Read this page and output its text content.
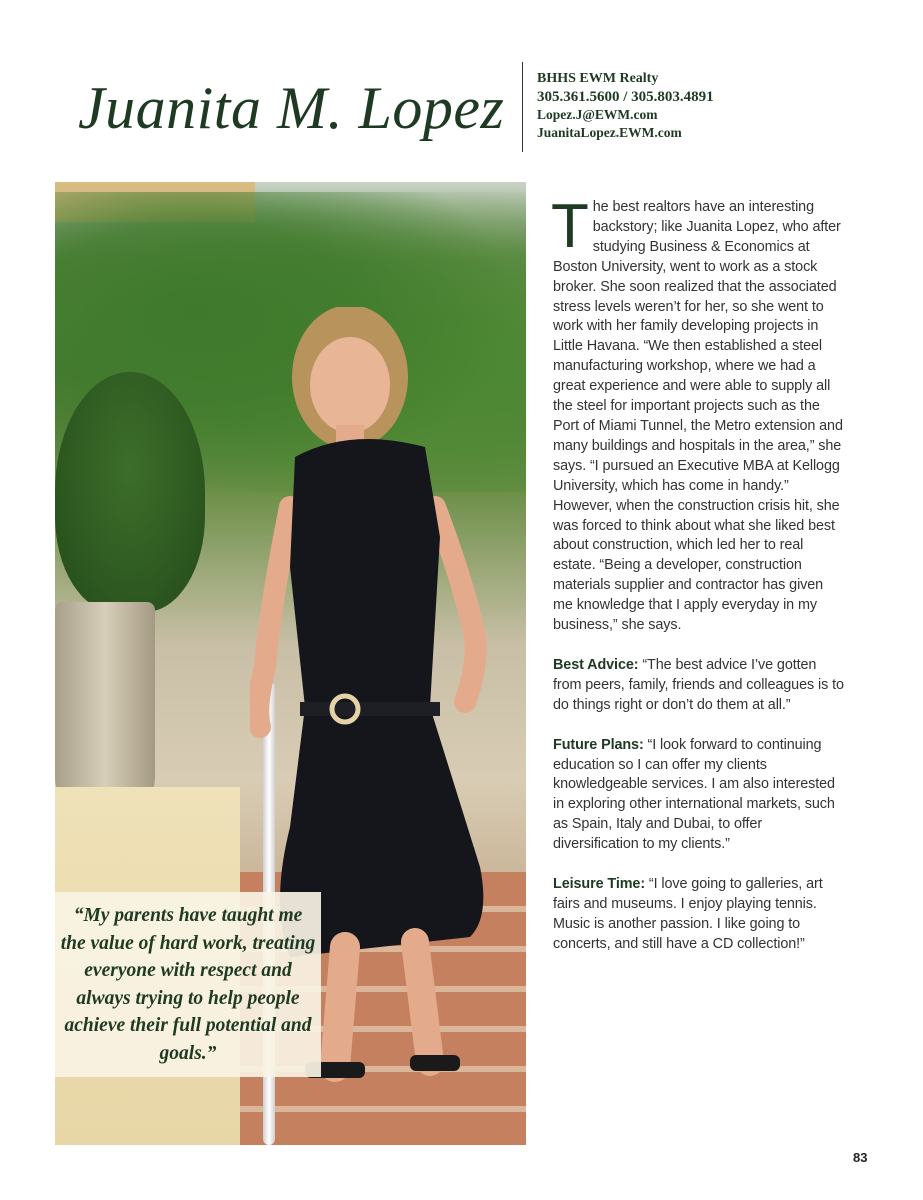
Juanita M. Lopez BHHS EWM Realty
305.361.5600 / 305.803.4891
Lopez.J@EWM.com
JuanitaLopez.EWM.com

“My parents have taught me the value of hard work, treating everyone with respect and always trying to help people achieve their full potential and goals.”

The best realtors have an interesting backstory; like Juanita Lopez, who after studying Business & Economics at Boston University, went to work as a stock broker. She soon realized that the associated stress levels weren’t for her, so she went to work with her family developing projects in Little Havana. “We then established a steel manufacturing workshop, where we had a great experience and were able to supply all the steel for important projects such as the Port of Miami Tunnel, the Metro extension and many buildings and hospitals in the area,” she says. “I pursued an Executive MBA at Kellogg University, which has come in handy.” However, when the construction crisis hit, she was forced to think about what she liked best about construction, which led her to real estate. “Being a developer, construction materials supplier and contractor has given me knowledge that I apply everyday in my business,” she says.

Best Advice: “The best advice I’ve gotten from peers, family, friends and colleagues is to do things right or don’t do them at all.”

Future Plans: “I look forward to continuing education so I can offer my clients knowledgeable services. I am also interested in exploring other international markets, such as Spain, Italy and Dubai, to offer diversification to my clients.”

Leisure Time: “I love going to galleries, art fairs and museums. I enjoy playing tennis. Music is another passion. I like going to concerts, and still have a CD collection!”

83
